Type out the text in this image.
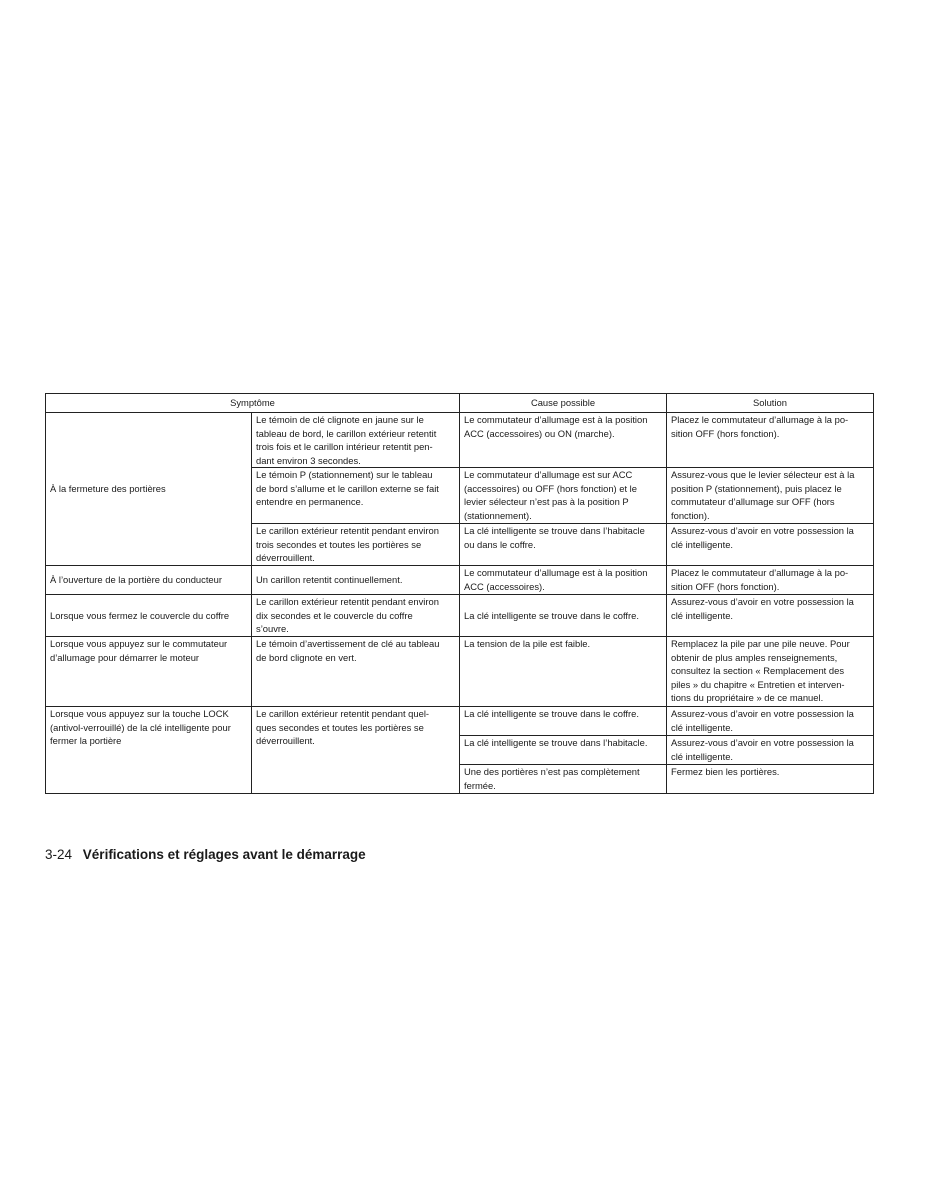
Symptôme		Cause possible	Solution
À la fermeture des portières	Le témoin de clé clignote en jaune sur le
tableau de bord, le carillon extérieur retentit
trois fois et le carillon intérieur retentit pen-
dant environ 3 secondes.	Le commutateur d’allumage est à la position
ACC (accessoires) ou ON (marche).	Placez le commutateur d’allumage à la po-
sition OFF (hors fonction).
	Le témoin P (stationnement) sur le tableau
de bord s’allume et le carillon externe se fait
entendre en permanence.	Le commutateur d’allumage est sur ACC
(accessoires) ou OFF (hors fonction) et le
levier sélecteur n’est pas à la position P
(stationnement).	Assurez-vous que le levier sélecteur est à la
position P (stationnement), puis placez le
commutateur d’allumage sur OFF (hors
fonction).
	Le carillon extérieur retentit pendant environ
trois secondes et toutes les portières se
déverrouillent.	La clé intelligente se trouve dans l’habitacle
ou dans le coffre.	Assurez-vous d’avoir en votre possession la
clé intelligente.
À l’ouverture de la portière du conducteur	Un carillon retentit continuellement.	Le commutateur d’allumage est à la position
ACC (accessoires).	Placez le commutateur d’allumage à la po-
sition OFF (hors fonction).
Lorsque vous fermez le couvercle du coffre	Le carillon extérieur retentit pendant environ
dix secondes et le couvercle du coffre
s’ouvre.	La clé intelligente se trouve dans le coffre.	Assurez-vous d’avoir en votre possession la
clé intelligente.
Lorsque vous appuyez sur le commutateur
d’allumage pour démarrer le moteur	Le témoin d’avertissement de clé au tableau
de bord clignote en vert.	La tension de la pile est faible.	Remplacez la pile par une pile neuve. Pour
obtenir de plus amples renseignements,
consultez la section « Remplacement des
piles » du chapitre « Entretien et interven-
tions du propriétaire » de ce manuel.
Lorsque vous appuyez sur la touche LOCK
(antivol-verrouillé) de la clé intelligente pour
fermer la portière	Le carillon extérieur retentit pendant quel-
ques secondes et toutes les portières se
déverrouillent.	La clé intelligente se trouve dans le coffre.	Assurez-vous d’avoir en votre possession la
clé intelligente.
		La clé intelligente se trouve dans l’habitacle.	Assurez-vous d’avoir en votre possession la
clé intelligente.
		Une des portières n’est pas complètement
fermée.	Fermez bien les portières.
3-24 Vérifications et réglages avant le démarrage
